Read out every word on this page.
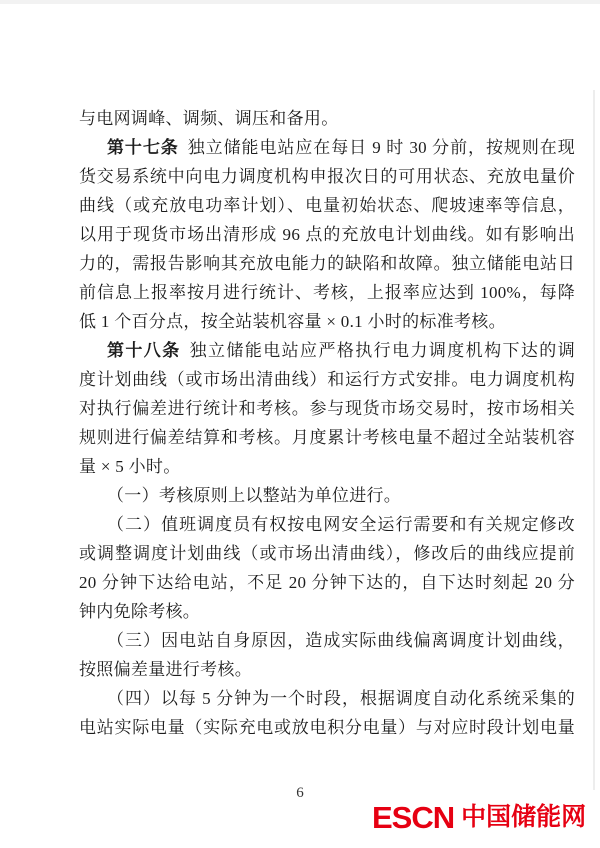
与电网调峰、调频、调压和备用。
第十七条 独立储能电站应在每日 9 时 30 分前，按规则在现
货交易系统中向电力调度机构申报次日的可用状态、充放电量价
曲线（或充放电功率计划）、电量初始状态、爬坡速率等信息，
以用于现货市场出清形成 96 点的充放电计划曲线。如有影响出
力的，需报告影响其充放电能力的缺陷和故障。独立储能电站日
前信息上报率按月进行统计、考核，上报率应达到 100%，每降
低 1 个百分点，按全站装机容量 × 0.1 小时的标准考核。
第十八条 独立储能电站应严格执行电力调度机构下达的调
度计划曲线（或市场出清曲线）和运行方式安排。电力调度机构
对执行偏差进行统计和考核。参与现货市场交易时，按市场相关
规则进行偏差结算和考核。月度累计考核电量不超过全站装机容
量 × 5 小时。
（一）考核原则上以整站为单位进行。
（二）值班调度员有权按电网安全运行需要和有关规定修改
或调整调度计划曲线（或市场出清曲线），修改后的曲线应提前
20 分钟下达给电站，不足 20 分钟下达的，自下达时刻起 20 分
钟内免除考核。
（三）因电站自身原因，造成实际曲线偏离调度计划曲线，
按照偏差量进行考核。
（四）以每 5 分钟为一个时段，根据调度自动化系统采集的
电站实际电量（实际充电或放电积分电量）与对应时段计划电量
6
ESCN 中国储能网
